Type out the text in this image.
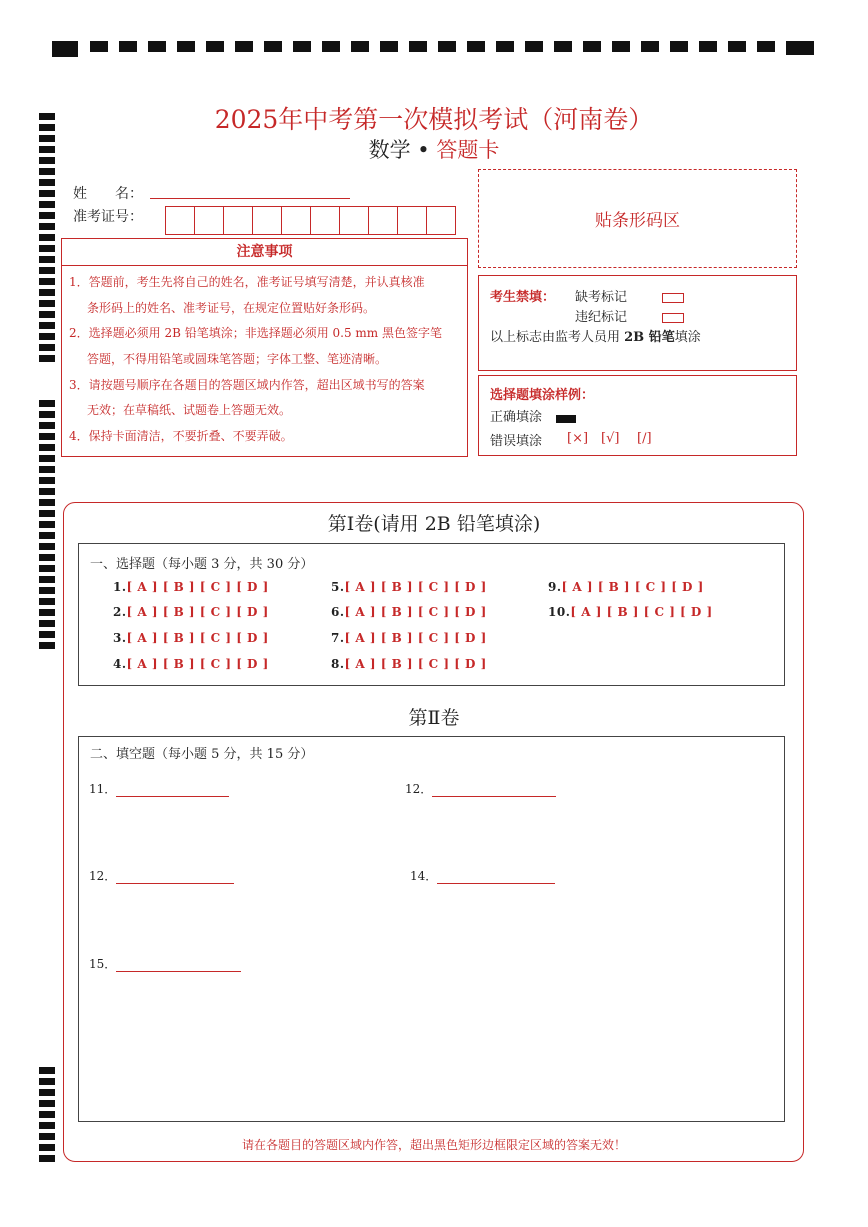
2025年中考第一次模拟考试（河南卷）
数学 • 答题卡
姓　　名：
准考证号：	贴条形码区
注意事项
1．答题前，考生先将自己的姓名，准考证号填写清楚，并认真核准
条形码上的姓名、准考证号，在规定位置贴好条形码。
2．选择题必须用 2B 铅笔填涂；非选择题必须用 0.5 mm 黑色签字笔
答题，不得用铅笔或圆珠笔答题；字体工整、笔迹清晰。
3．请按题号顺序在各题目的答题区域内作答，超出区域书写的答案
无效；在草稿纸、试题卷上答题无效。
4．保持卡面清洁，不要折叠、不要弄破。
考生禁填： 缺考标记
违纪标记
以上标志由监考人员用 2B 铅笔填涂
选择题填涂样例：
正确填涂
错误填涂 [×] [√] [/]
第Ⅰ卷(请用 2B 铅笔填涂)
一、选择题（每小题 3 分，共 30 分）
1.[ A ] [ B ] [ C ] [ D ]
2.[ A ] [ B ] [ C ] [ D ]
3.[ A ] [ B ] [ C ] [ D ]
4.[ A ] [ B ] [ C ] [ D ]
5.[ A ] [ B ] [ C ] [ D ]
6.[ A ] [ B ] [ C ] [ D ]
7.[ A ] [ B ] [ C ] [ D ]
8.[ A ] [ B ] [ C ] [ D ]
9.[ A ] [ B ] [ C ] [ D ]
10.[ A ] [ B ] [ C ] [ D ]
第Ⅱ卷
二、填空题（每小题 5 分，共 15 分）
11．	12．
12．	14．
15．
请在各题目的答题区域内作答，超出黑色矩形边框限定区域的答案无效！
